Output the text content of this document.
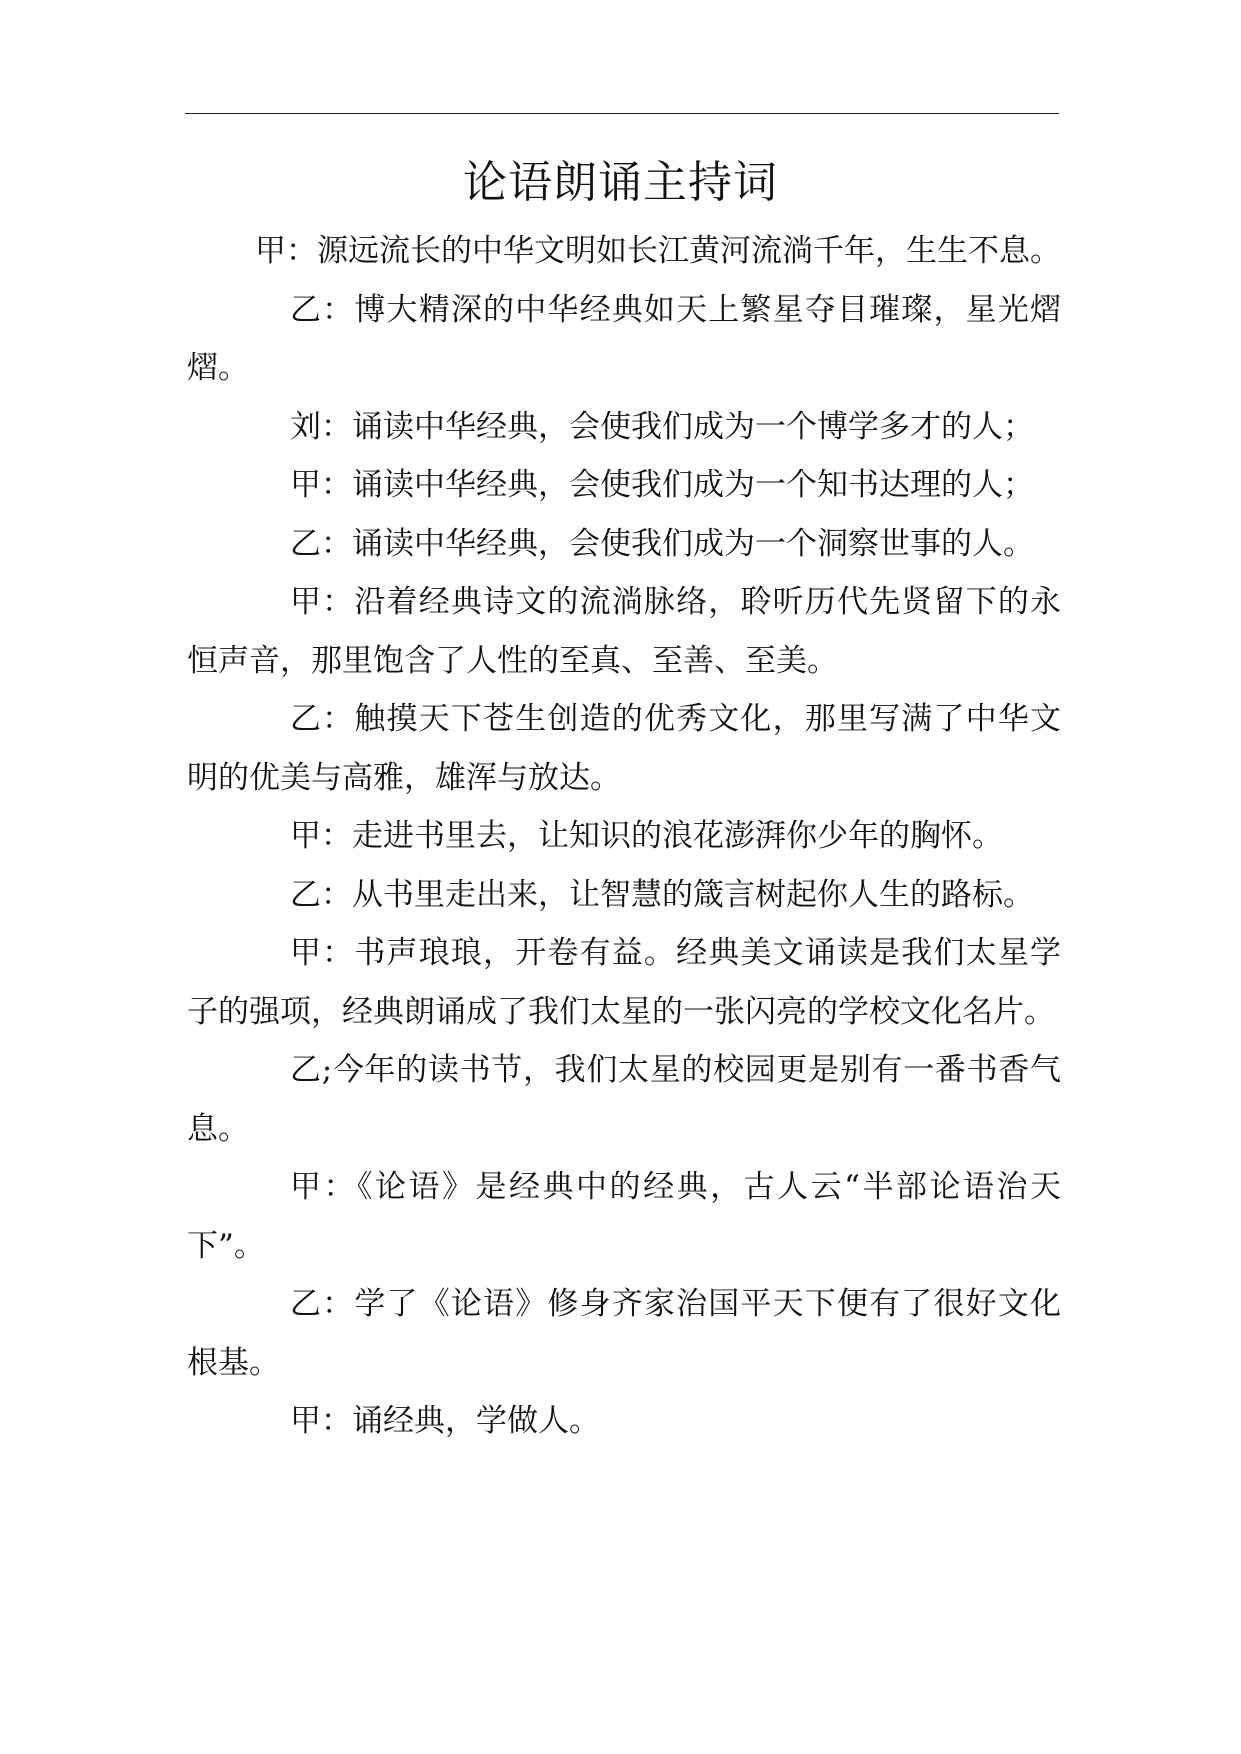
论语朗诵主持词

甲：源远流长的中华文明如长江黄河流淌千年，生生不息。

乙：博大精深的中华经典如天上繁星夺目璀璨，星光熠熠。

刘：诵读中华经典，会使我们成为一个博学多才的人；

甲：诵读中华经典，会使我们成为一个知书达理的人；

乙：诵读中华经典，会使我们成为一个洞察世事的人。

甲：沿着经典诗文的流淌脉络，聆听历代先贤留下的永恒声音，那里饱含了人性的至真、至善、至美。

乙：触摸天下苍生创造的优秀文化，那里写满了中华文明的优美与高雅，雄浑与放达。

甲：走进书里去，让知识的浪花澎湃你少年的胸怀。

乙：从书里走出来，让智慧的箴言树起你人生的路标。

甲：书声琅琅，开卷有益。经典美文诵读是我们太星学子的强项，经典朗诵成了我们太星的一张闪亮的学校文化名片。

乙;今年的读书节，我们太星的校园更是别有一番书香气息。

甲：《论语》是经典中的经典，古人云“半部论语治天下”。

乙：学了《论语》修身齐家治国平天下便有了很好文化根基。

甲：诵经典，学做人。
